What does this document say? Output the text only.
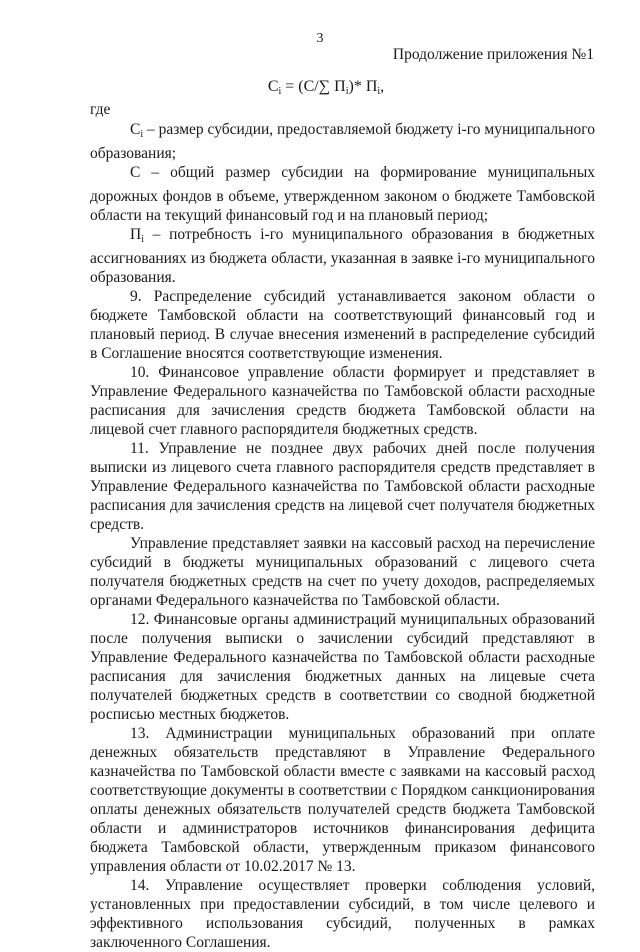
3
Продолжение приложения №1
$C_i = (С/\sum$ $П_i)*$ $П_i$,

где

$C_i$ – размер субсидии, предоставляемой бюджету i-го муниципального образования;

С – общий размер субсидии на формирование муниципальных дорожных фондов в объеме, утвержденном законом о бюджете Тамбовской области на текущий финансовый год и на плановый период;

$П_i$ – потребность i-го муниципального образования в бюджетных ассигнованиях из бюджета области, указанная в заявке i-го муниципального образования.

9. Распределение субсидий устанавливается законом области о бюджете Тамбовской области на соответствующий финансовый год и плановый период. В случае внесения изменений в распределение субсидий в Соглашение вносятся соответствующие изменения.

10. Финансовое управление области формирует и представляет в Управление Федерального казначейства по Тамбовской области расходные расписания для зачисления средств бюджета Тамбовской области на лицевой счет главного распорядителя бюджетных средств.

11. Управление не позднее двух рабочих дней после получения выписки из лицевого счета главного распорядителя средств представляет в Управление Федерального казначейства по Тамбовской области расходные расписания для зачисления средств на лицевой счет получателя бюджетных средств.

Управление представляет заявки на кассовый расход на перечисление субсидий в бюджеты муниципальных образований с лицевого счета получателя бюджетных средств на счет по учету доходов, распределяемых органами Федерального казначейства по Тамбовской области.

12. Финансовые органы администраций муниципальных образований после получения выписки о зачислении субсидий представляют в Управление Федерального казначейства по Тамбовской области расходные расписания для зачисления бюджетных данных на лицевые счета получателей бюджетных средств в соответствии со сводной бюджетной росписью местных бюджетов.

13. Администрации муниципальных образований при оплате денежных обязательств представляют в Управление Федерального казначейства по Тамбовской области вместе с заявками на кассовый расход соответствующие документы в соответствии с Порядком санкционирования оплаты денежных обязательств получателей средств бюджета Тамбовской области и администраторов источников финансирования дефицита бюджета Тамбовской области, утвержденным приказом финансового управления области от 10.02.2017 № 13.

14. Управление осуществляет проверки соблюдения условий, установленных при предоставлении субсидий, в том числе целевого и эффективного использования субсидий, полученных в рамках заключенного Соглашения.
